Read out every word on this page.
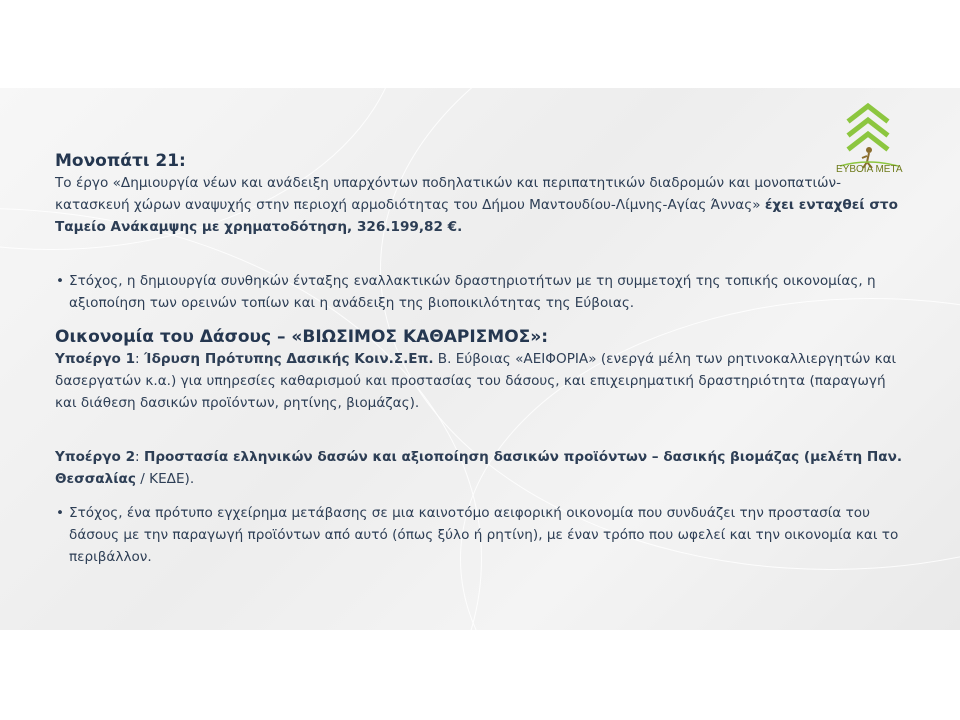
ΕΥΒΟΙΑ ΜΕΤΑ

Μονοπάτι 21:

Το έργο «Δημιουργία νέων και ανάδειξη υπαρχόντων ποδηλατικών και περιπατητικών διαδρομών και μονοπατιών-κατασκευή χώρων αναψυχής στην περιοχή αρμοδιότητας του Δήμου Μαντουδίου-Λίμνης-Αγίας Άννας» έχει ενταχθεί στο Ταμείο Ανάκαμψης με χρηματοδότηση, 326.199,82 €.

• Στόχος, η δημιουργία συνθηκών ένταξης εναλλακτικών δραστηριοτήτων με τη συμμετοχή της τοπικής οικονομίας, η αξιοποίηση των ορεινών τοπίων και η ανάδειξη της βιοποικιλότητας της Εύβοιας.

Οικονομία του Δάσους – «ΒΙΩΣΙΜΟΣ ΚΑΘΑΡΙΣΜΟΣ»:

Υποέργο 1: Ίδρυση Πρότυπης Δασικής Κοιν.Σ.Επ. Β. Εύβοιας «ΑΕΙΦΟΡΙΑ» (ενεργά μέλη των ρητινοκαλλιεργητών και δασεργατών κ.α.) για υπηρεσίες καθαρισμού και προστασίας του δάσους, και επιχειρηματική δραστηριότητα (παραγωγή και διάθεση δασικών προϊόντων, ρητίνης, βιομάζας).

Υποέργο 2: Προστασία ελληνικών δασών και αξιοποίηση δασικών προϊόντων – δασικής βιομάζας (μελέτη Παν. Θεσσαλίας / ΚΕΔΕ).

• Στόχος, ένα πρότυπο εγχείρημα μετάβασης σε μια καινοτόμο αειφορική οικονομία που συνδυάζει την προστασία του δάσους με την παραγωγή προϊόντων από αυτό (όπως ξύλο ή ρητίνη), με έναν τρόπο που ωφελεί και την οικονομία και το περιβάλλον.
